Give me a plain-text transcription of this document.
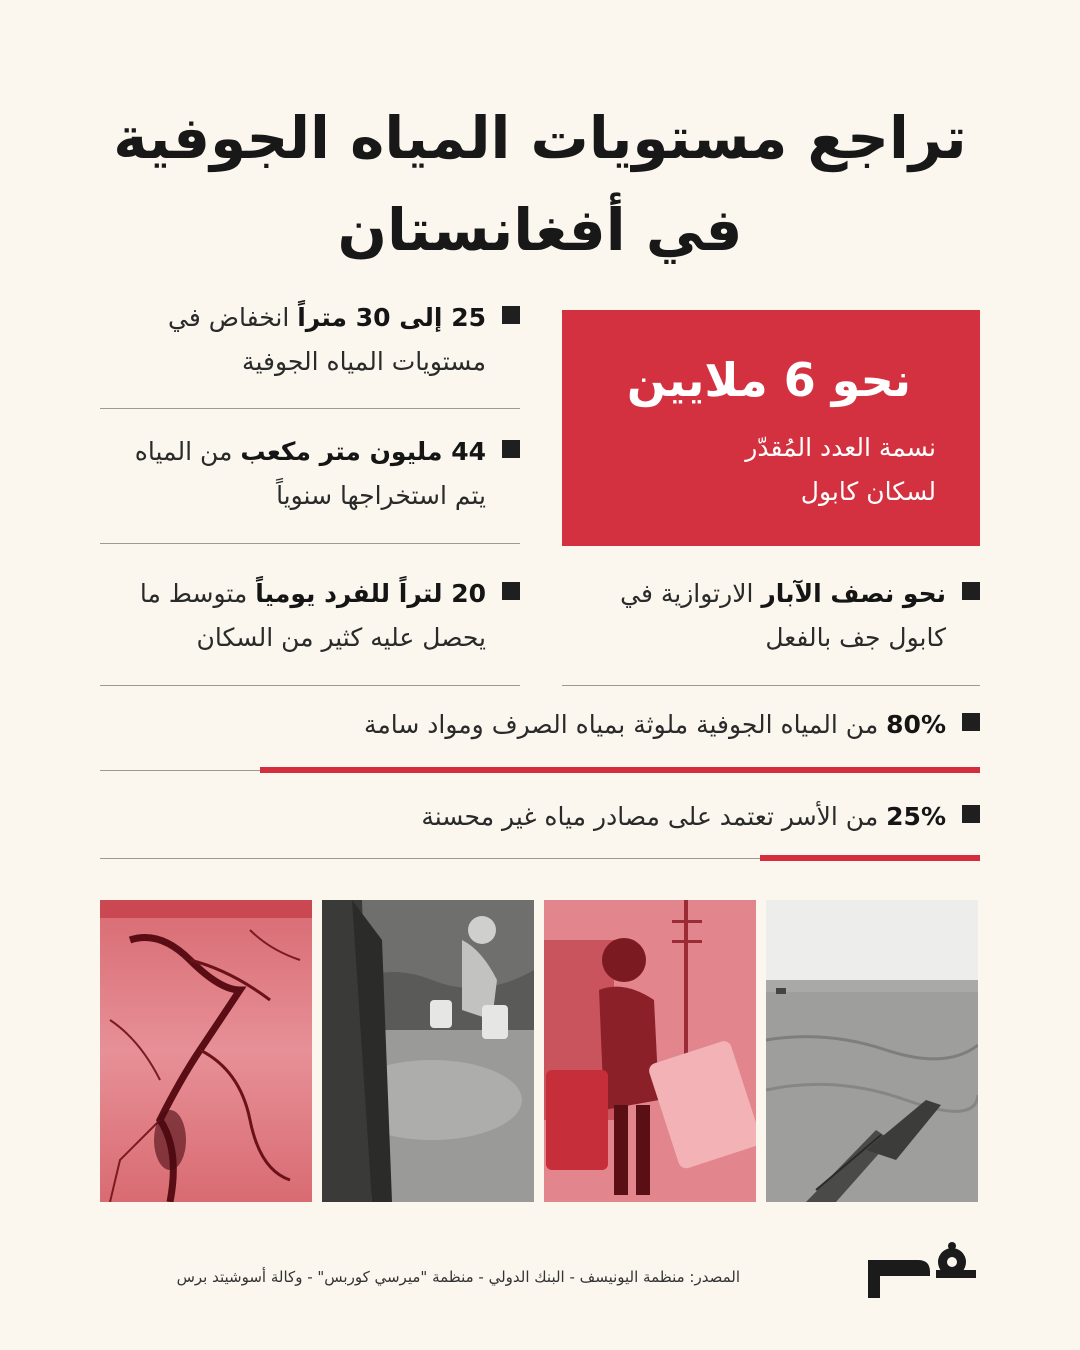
تراجع مستويات المياه الجوفية
في أفغانستان
نحو 6 ملايين
نسمة العدد المُقدّر
لسكان كابول
25 إلى 30 متراً انخفاض في مستويات المياه الجوفية
44 مليون متر مكعب من المياه يتم استخراجها سنوياً
20 لتراً للفرد يومياً متوسط ما يحصل عليه كثير من السكان
نحو نصف الآبار الارتوازية في كابول جف بالفعل
80% من المياه الجوفية ملوثة بمياه الصرف ومواد سامة
25% من الأسر تعتمد على مصادر مياه غير محسنة
المصدر: منظمة اليونيسف - البنك الدولي - منظمة "ميرسي كوربس" - وكالة أسوشيتد برس
